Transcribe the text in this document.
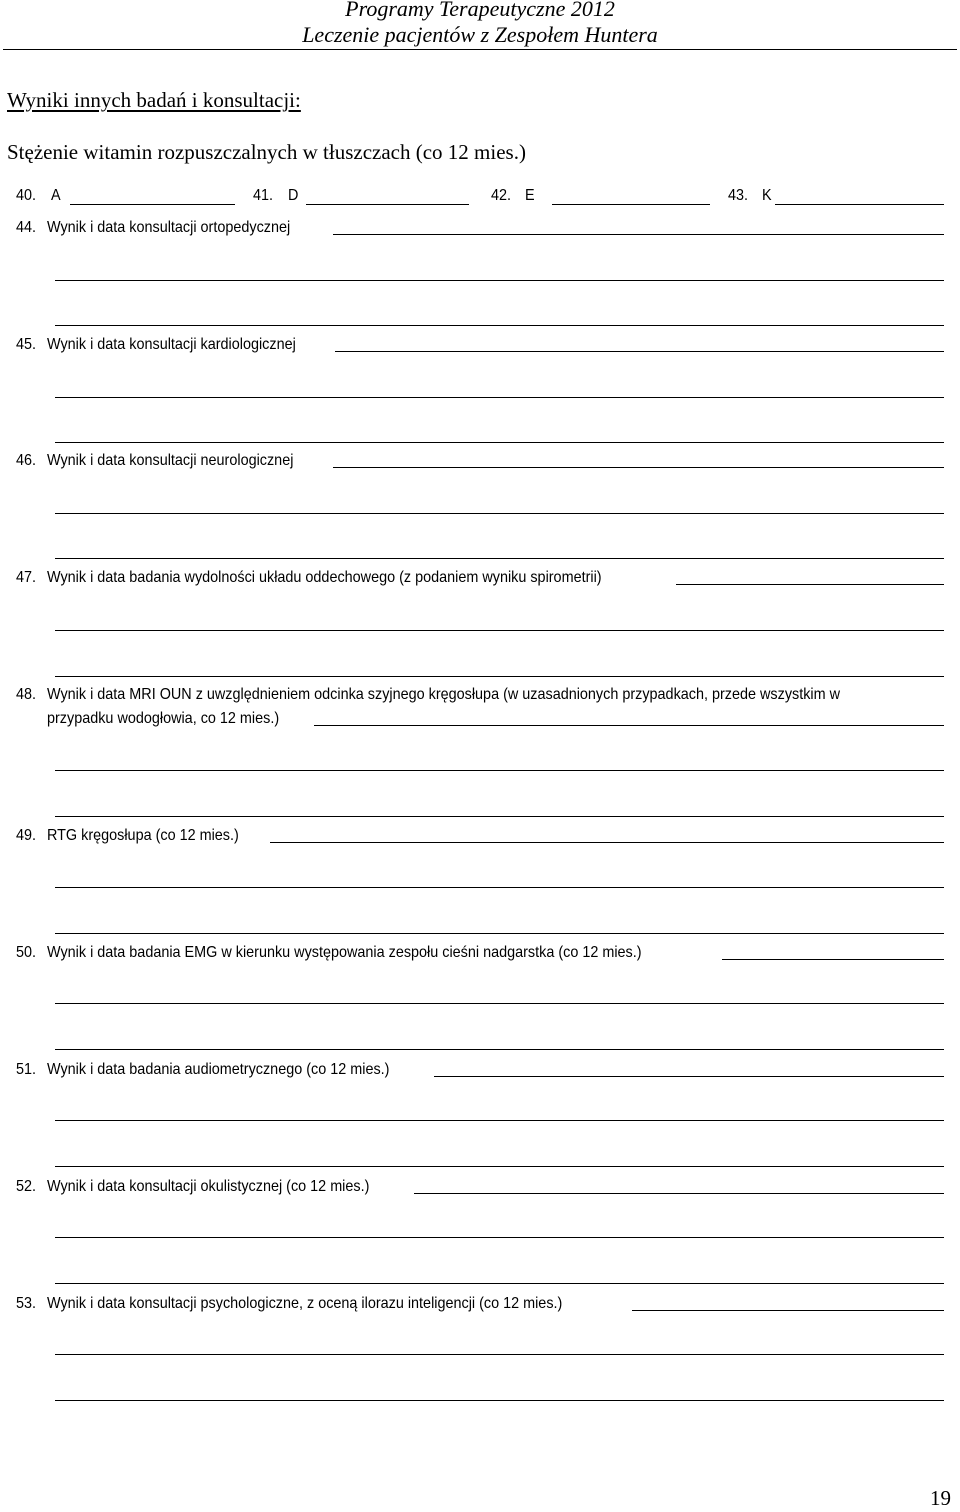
Programy Terapeutyczne 2012
Leczenie pacjentów z Zespołem Huntera
Wyniki innych badań i konsultacji:
Stężenie witamin rozpuszczalnych w tłuszczach (co 12 mies.)
40. A	41. D	42. E	43. K
44. Wynik i data konsultacji ortopedycznej
45. Wynik i data konsultacji kardiologicznej
46. Wynik i data konsultacji neurologicznej
47. Wynik i data badania wydolności układu oddechowego (z podaniem wyniku spirometrii)
48. Wynik i data MRI OUN z uwzględnieniem odcinka szyjnego kręgosłupa (w uzasadnionych przypadkach, przede wszystkim w
przypadku wodogłowia, co 12 mies.)
49. RTG kręgosłupa (co 12 mies.)
50. Wynik i data badania EMG w kierunku występowania zespołu cieśni nadgarstka (co 12 mies.)
51. Wynik i data badania audiometrycznego (co 12 mies.)
52. Wynik i data konsultacji okulistycznej (co 12 mies.)
53. Wynik i data konsultacji psychologiczne, z oceną ilorazu inteligencji (co 12 mies.)
19
